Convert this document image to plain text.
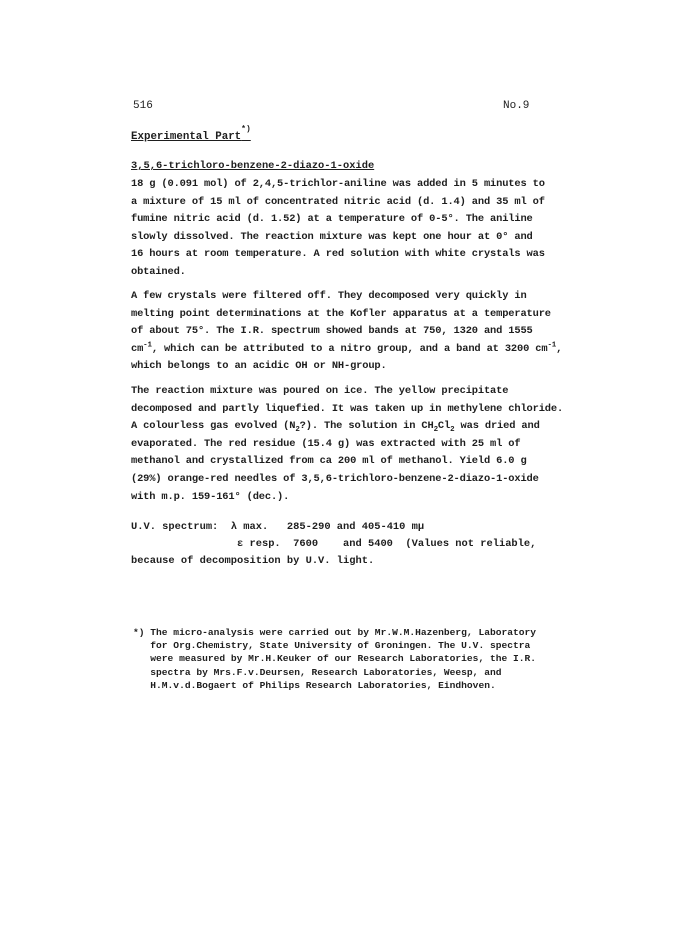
516	No.9
Experimental Part*)
3,5,6-trichloro-benzene-2-diazo-1-oxide
18 g (0.091 mol) of 2,4,5-trichlor-aniline was added in 5 minutes to
a mixture of 15 ml of concentrated nitric acid (d. 1.4) and 35 ml of
fumine nitric acid (d. 1.52) at a temperature of 0-5°. The aniline
slowly dissolved. The reaction mixture was kept one hour at 0° and
16 hours at room temperature. A red solution with white crystals was
obtained.
A few crystals were filtered off. They decomposed very quickly in
melting point determinations at the Kofler apparatus at a temperature
of about 75°. The I.R. spectrum showed bands at 750, 1320 and 1555
$cm^{-1}$, which can be attributed to a nitro group, and a band at 3200 $cm^{-1}$,
which belongs to an acidic OH or NH-group.
The reaction mixture was poured on ice. The yellow precipitate
decomposed and partly liquefied. It was taken up in methylene chloride.
A colourless gas evolved $(N_2?)$. The solution in $CH_2Cl_2$ was dried and
evaporated. The red residue (15.4 g) was extracted with 25 ml of
methanol and crystallized from ca 200 ml of methanol. Yield 6.0 g
(29%) orange-red needles of 3,5,6-trichloro-benzene-2-diazo-1-oxide
with m.p. 159-161° (dec.).
U.V. spectrum: λ max. 285-290 and 405-410 mμ
ε resp. 7600    and 5400 (Values not reliable,
because of decomposition by U.V. light.
*) The micro-analysis were carried out by Mr.W.M.Hazenberg, Laboratory
for Org.Chemistry, State University of Groningen. The U.V. spectra
were measured by Mr.H.Keuker of our Research Laboratories, the I.R.
spectra by Mrs.F.v.Deursen, Research Laboratories, Weesp, and
H.M.v.d.Bogaert of Philips Research Laboratories, Eindhoven.
